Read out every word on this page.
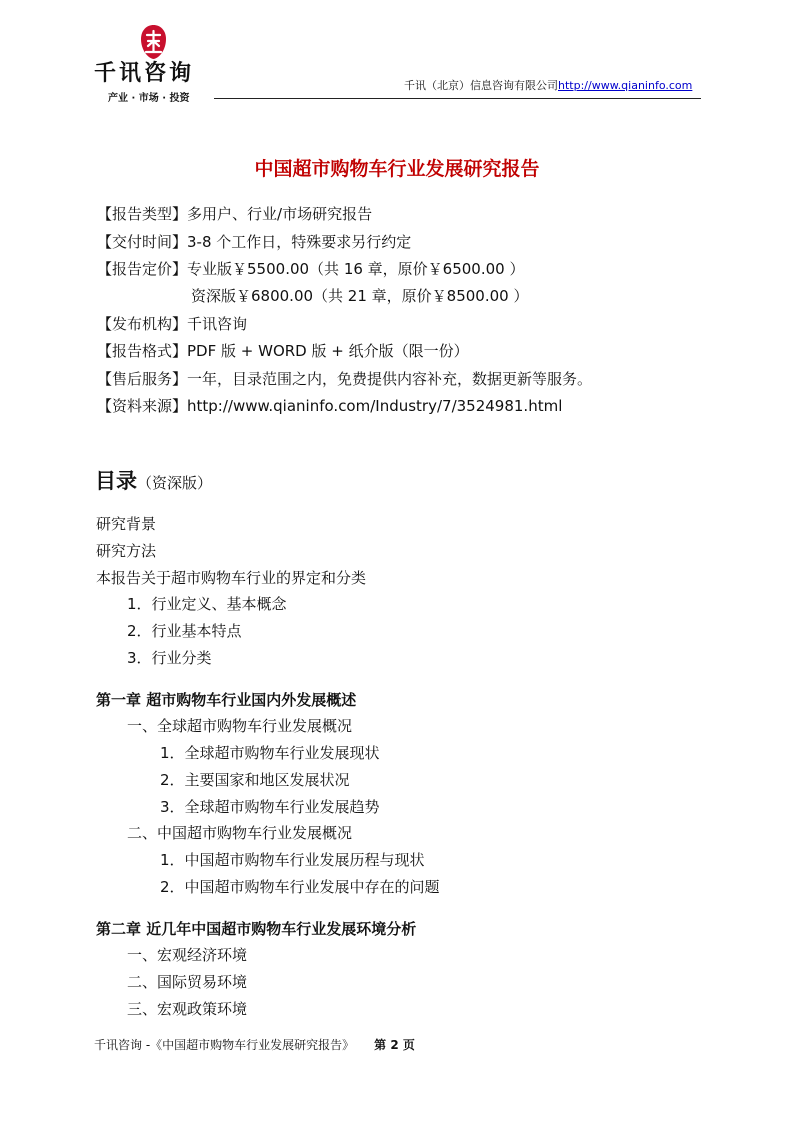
千讯咨询
产业 · 市场 · 投资
千讯（北京）信息咨询有限公司http://www.qianinfo.com
中国超市购物车行业发展研究报告
【报告类型】多用户、行业/市场研究报告
【交付时间】3-8 个工作日，特殊要求另行约定
【报告定价】专业版￥5500.00（共 16 章，原价￥6500.00 ）
资深版￥6800.00（共 21 章，原价￥8500.00 ）
【发布机构】千讯咨询
【报告格式】PDF 版 + WORD 版 + 纸介版（限一份）
【售后服务】一年，目录范围之内，免费提供内容补充，数据更新等服务。
【资料来源】http://www.qianinfo.com/Industry/7/3524981.html
目录（资深版）
研究背景
研究方法
本报告关于超市购物车行业的界定和分类
1．行业定义、基本概念
2．行业基本特点
3．行业分类
第一章 超市购物车行业国内外发展概述
一、全球超市购物车行业发展概况
1．全球超市购物车行业发展现状
2．主要国家和地区发展状况
3．全球超市购物车行业发展趋势
二、中国超市购物车行业发展概况
1．中国超市购物车行业发展历程与现状
2．中国超市购物车行业发展中存在的问题
第二章 近几年中国超市购物车行业发展环境分析
一、宏观经济环境
二、国际贸易环境
三、宏观政策环境
千讯咨询 -《中国超市购物车行业发展研究报告》 第 2 页
